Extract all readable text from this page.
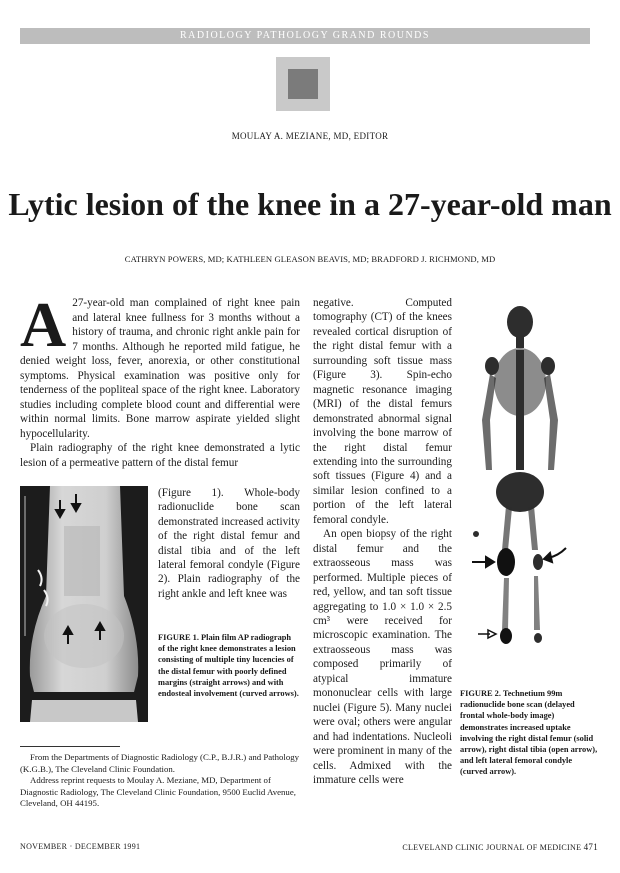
RADIOLOGY PATHOLOGY GRAND ROUNDS
MOULAY A. MEZIANE, MD, EDITOR
Lytic lesion of the knee in a 27-year-old man
CATHRYN POWERS, MD; KATHLEEN GLEASON BEAVIS, MD; BRADFORD J. RICHMOND, MD

A 27-year-old man complained of right knee pain and lateral knee fullness for 3 months without a history of trauma, and chronic right ankle pain for 7 months. Although he reported mild fatigue, he denied weight loss, fever, anorexia, or other constitutional symptoms. Physical examination was positive only for tenderness of the popliteal space of the right knee. Laboratory studies including complete blood count and differential were within normal limits. Bone marrow aspirate yielded slight hypocellularity.

Plain radiography of the right knee demonstrated a lytic lesion of a permeative pattern of the distal femur

(Figure 1). Whole-body radionuclide bone scan demonstrated increased activity of the right distal femur and distal tibia and of the left lateral femoral condyle (Figure 2). Plain radiography of the right ankle and left knee was
FIGURE 1. Plain film AP radiograph of the right knee demonstrates a lesion consisting of multiple tiny lucencies of the distal femur with poorly defined margins (straight arrows) and with endosteal involvement (curved arrows).

From the Departments of Diagnostic Radiology (C.P., B.J.R.) and Pathology (K.G.B.), The Cleveland Clinic Foundation.

Address reprint requests to Moulay A. Meziane, MD, Department of Diagnostic Radiology, The Cleveland Clinic Foundation, 9500 Euclid Avenue, Cleveland, OH 44195.

negative. Computed tomography (CT) of the knees revealed cortical disruption of the right distal femur with a surrounding soft tissue mass (Figure 3). Spin-echo magnetic resonance imaging (MRI) of the distal femurs demonstrated abnormal signal involving the bone marrow of the right distal femur extending into the surrounding soft tissues (Figure 4) and a similar lesion confined to a portion of the left lateral femoral condyle.

An open biopsy of the right distal femur and the extraosseous mass was performed. Multiple pieces of red, yellow, and tan soft tissue aggregating to 1.0 × 1.0 × 2.5 cm³ were received for microscopic examination. The extraosseous mass was composed primarily of atypical immature mononuclear cells with large nuclei (Figure 5). Many nuclei were oval; others were angular and had indentations. Nucleoli were prominent in many of the cells. Admixed with the immature cells were

FIGURE 2. Technetium 99m radionuclide bone scan (delayed frontal whole-body image) demonstrates increased uptake involving the right distal femur (solid arrow), right distal tibia (open arrow), and left lateral femoral condyle (curved arrow).
NOVEMBER · DECEMBER 1991	CLEVELAND CLINIC JOURNAL OF MEDICINE 471
